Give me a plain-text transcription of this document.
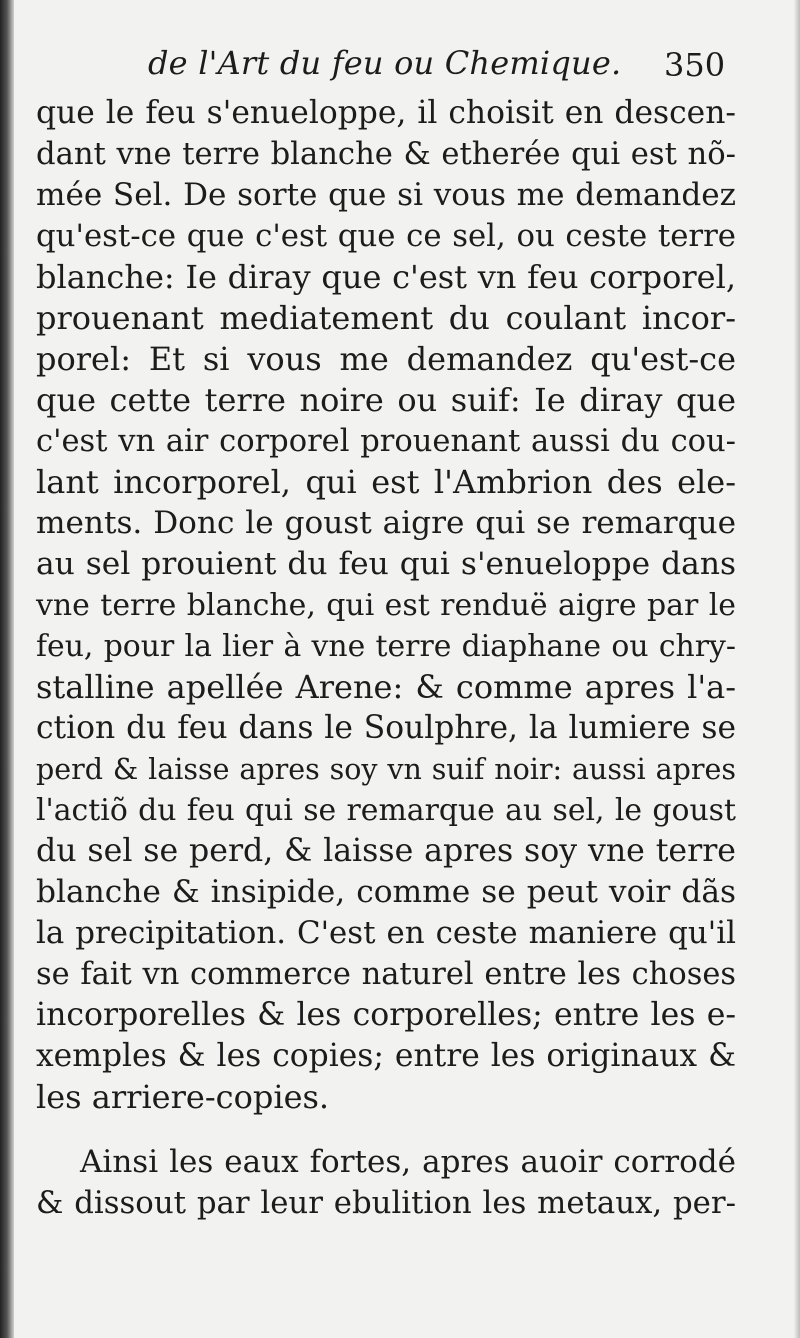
de l'Art du feu ou Chemique. 350
que le feu s'enueloppe, il choisit en descen-
dant vne terre blanche & etherée qui est nõ-
mée Sel. De sorte que si vous me demandez
qu'est-ce que c'est que ce sel, ou ceste terre
blanche: Ie diray que c'est vn feu corporel,
prouenant mediatement du coulant incor-
porel: Et si vous me demandez qu'est-ce
que cette terre noire ou suif: Ie diray que
c'est vn air corporel prouenant aussi du cou-
lant incorporel, qui est l'Ambrion des ele-
ments. Donc le goust aigre qui se remarque
au sel prouient du feu qui s'enueloppe dans
vne terre blanche, qui est renduë aigre par le
feu, pour la lier à vne terre diaphane ou chry-
stalline apellée Arene: & comme apres l'a-
ction du feu dans le Soulphre, la lumiere se
perd & laisse apres soy vn suif noir: aussi apres
l'actiõ du feu qui se remarque au sel, le goust
du sel se perd, & laisse apres soy vne terre
blanche & insipide, comme se peut voir dãs
la precipitation. C'est en ceste maniere qu'il
se fait vn commerce naturel entre les choses
incorporelles & les corporelles; entre les e-
xemples & les copies; entre les originaux &
les arriere-copies.
Ainsi les eaux fortes, apres auoir corrodé
& dissout par leur ebulition les metaux, per-
